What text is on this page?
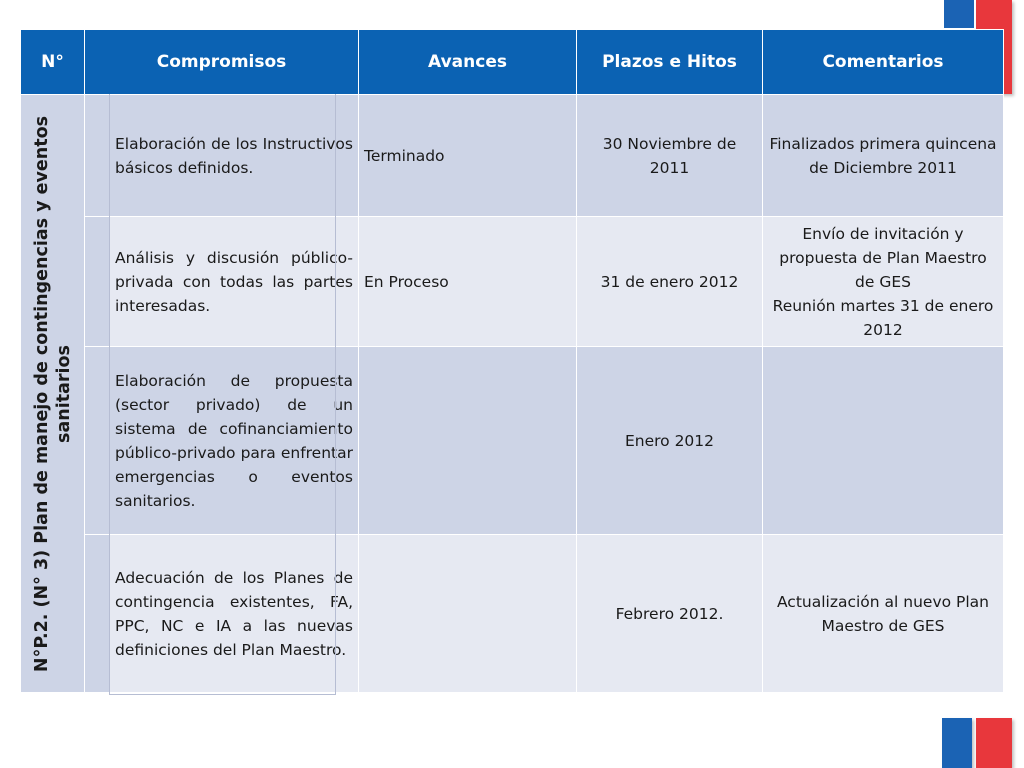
N°	Compromisos		Avances	Plazos e Hitos	Comentarios

N°P.2. (N° 3) Plan de manejo de contingencias y eventos sanitarios		Elaboración de los Instructivos básicos definidos.	Terminado	30 Noviembre de 2011	Finalizados primera quincena de Diciembre 2011
		Análisis y discusión público-privada con todas las partes interesadas.	En Proceso	31 de enero 2012	Envío de invitación y propuesta de Plan Maestro de GES
Reunión martes 31 de enero 2012

		Elaboración de propuesta (sector privado) de un sistema de cofinanciamiento público-privado para enfrentar emergencias o eventos sanitarios.		Enero 2012	
		Adecuación de los Planes de contingencia existentes, FA, PPC, NC e IA a las nuevas definiciones del Plan Maestro.		Febrero 2012.	Actualización al nuevo Plan Maestro de GES
